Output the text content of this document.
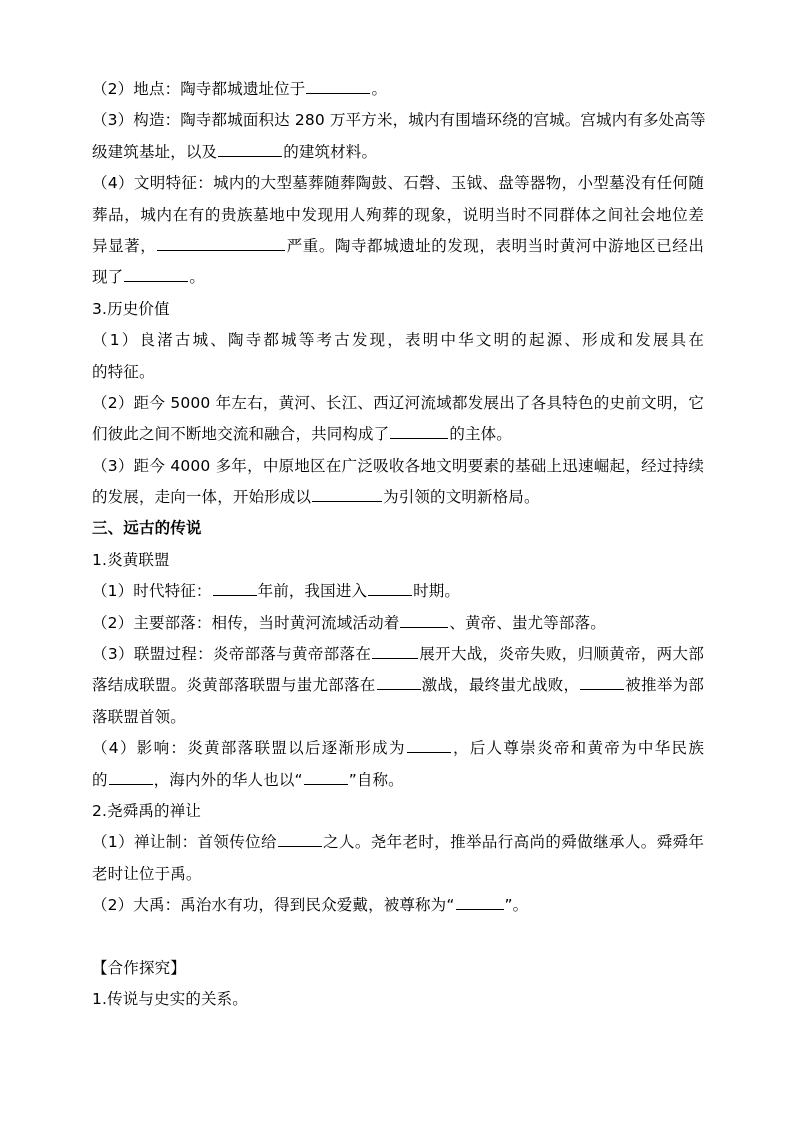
（2）地点：陶寺都城遗址位于	。
（3）构造：陶寺都城面积达 280 万平方米，城内有围墙环绕的宫城。宫城内有多处高等
级建筑基址，以及	的建筑材料。
（4）文明特征：城内的大型墓葬随葬陶鼓、石磬、玉钺、盘等器物，小型墓没有任何随
葬品，城内在有的贵族墓地中发现用人殉葬的现象，说明当时不同群体之间社会地位差
异显著，	严重。陶寺都城遗址的发现，表明当时黄河中游地区已经出
现了	。
3.历史价值
（1）良渚古城、陶寺都城等考古发现，表明中华文明的起源、形成和发展具在
的特征。
（2）距今 5000 年左右，黄河、长江、西辽河流域都发展出了各具特色的史前文明，它
们彼此之间不断地交流和融合，共同构成了	的主体。
（3）距今 4000 多年，中原地区在广泛吸收各地文明要素的基础上迅速崛起，经过持续
的发展，走向一体，开始形成以	为引领的文明新格局。
三、远古的传说
1.炎黄联盟
（1）时代特征：	年前，我国进入	时期。
（2）主要部落：相传，当时黄河流域活动着	、黄帝、蚩尤等部落。
（3）联盟过程：炎帝部落与黄帝部落在	展开大战，炎帝失败，归顺黄帝，两大部
落结成联盟。炎黄部落联盟与蚩尤部落在	激战，最终蚩尤战败，	被推举为部
落联盟首领。
（4）影响：炎黄部落联盟以后逐渐形成为	，后人尊崇炎帝和黄帝为中华民族
的	，海内外的华人也以“	”自称。
2.尧舜禹的禅让
（1）禅让制：首领传位给	之人。尧年老时，推举品行高尚的舜做继承人。舜舜年
老时让位于禹。
（2）大禹：禹治水有功，得到民众爱戴，被尊称为“	”。
【合作探究】
1.传说与史实的关系。
